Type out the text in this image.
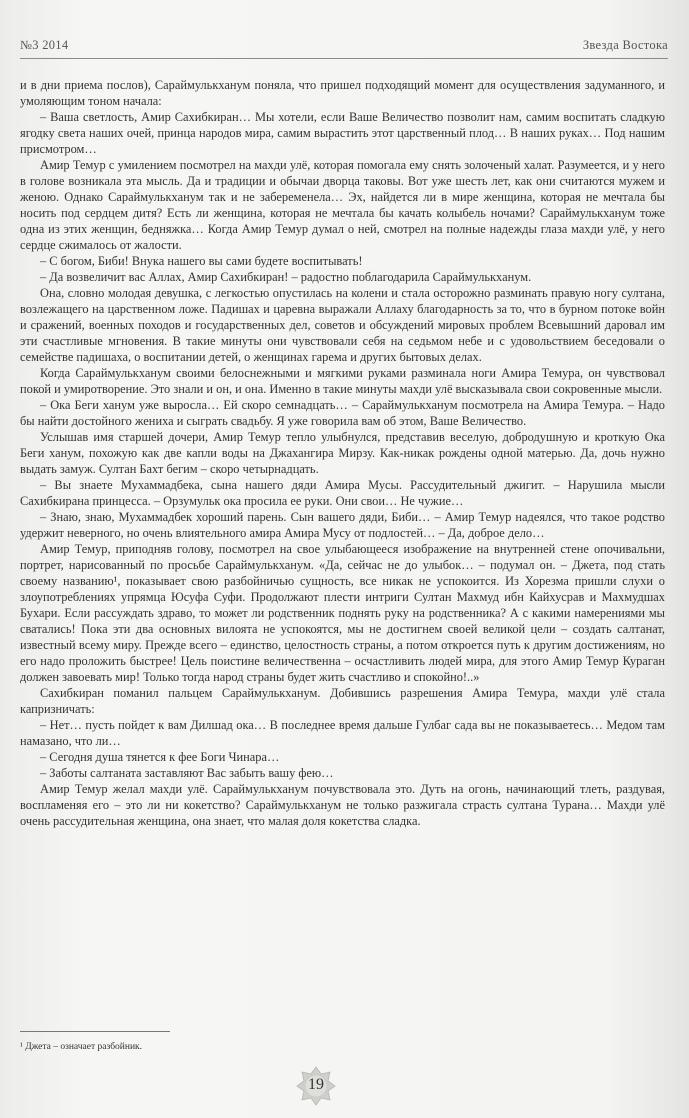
№3 2014	Звезда Востока

и в дни приема послов), Сараймулькханум поняла, что пришел подходящий момент для осуществления задуманного, и умоляющим тоном начала:

– Ваша светлость, Амир Сахибкиран… Мы хотели, если Ваше Величество позволит нам, самим воспитать сладкую ягодку света наших очей, принца народов мира, самим вырастить этот царственный плод… В наших руках… Под нашим присмотром…

Амир Темур с умилением посмотрел на махди улё, которая помогала ему снять золоченый халат. Разумеется, и у него в голове возникала эта мысль. Да и традиции и обычаи дворца таковы. Вот уже шесть лет, как они считаются мужем и женою. Однако Сараймулькханум так и не забеременела… Эх, найдется ли в мире женщина, которая не мечтала бы носить под сердцем дитя? Есть ли женщина, которая не мечтала бы качать колыбель ночами? Сараймулькханум тоже одна из этих женщин, бедняжка… Когда Амир Темур думал о ней, смотрел на полные надежды глаза махди улё, у него сердце сжималось от жалости.

– С богом, Биби! Внука нашего вы сами будете воспитывать!

– Да возвеличит вас Аллах, Амир Сахибкиран! – радостно поблагодарила Сараймулькханум.

Она, словно молодая девушка, с легкостью опустилась на колени и стала осторожно разминать правую ногу султана, возлежащего на царственном ложе. Падишах и царевна выражали Аллаху благодарность за то, что в бурном потоке войн и сражений, военных походов и государственных дел, советов и обсуждений мировых проблем Всевышний даровал им эти счастливые мгновения. В такие минуты они чувствовали себя на седьмом небе и с удовольствием беседовали о семействе падишаха, о воспитании детей, о женщинах гарема и других бытовых делах.

Когда Сараймулькханум своими белоснежными и мягкими руками разминала ноги Амира Темура, он чувствовал покой и умиротворение. Это знали и он, и она. Именно в такие минуты махди улё высказывала свои сокровенные мысли.

– Ока Беги ханум уже выросла… Ей скоро семнадцать… – Сараймулькханум посмотрела на Амира Темура. – Надо бы найти достойного жениха и сыграть свадьбу. Я уже говорила вам об этом, Ваше Величество.

Услышав имя старшей дочери, Амир Темур тепло улыбнулся, представив веселую, добродушную и кроткую Ока Беги ханум, похожую как две капли воды на Джахангира Мирзу. Как-никак рождены одной матерью. Да, дочь нужно выдать замуж. Султан Бахт бегим – скоро четырнадцать.

– Вы знаете Мухаммадбека, сына нашего дяди Амира Мусы. Рассудительный джигит. – Нарушила мысли Сахибкирана принцесса. – Орзумульк ока просила ее руки. Они свои… Не чужие…

– Знаю, знаю, Мухаммадбек хороший парень. Сын вашего дяди, Биби… – Амир Темур надеялся, что такое родство удержит неверного, но очень влиятельного амира Амира Мусу от подлостей… – Да, доброе дело…

Амир Темур, приподняв голову, посмотрел на свое улыбающееся изображение на внутренней стене опочивальни, портрет, нарисованный по просьбе Сараймулькханум. «Да, сейчас не до улыбок… – подумал он. – Джета, под стать своему названию¹, показывает свою разбойничью сущность, все никак не успокоится. Из Хорезма пришли слухи о злоупотреблениях упрямца Юсуфа Суфи. Продолжают плести интриги Султан Махмуд ибн Кайхусрав и Махмудшах Бухари. Если рассуждать здраво, то может ли родственник поднять руку на родственника? А с какими намерениями мы сватались! Пока эти два основных вилоята не успокоятся, мы не достигнем своей великой цели – создать салтанат, известный всему миру. Прежде всего – единство, целостность страны, а потом откроется путь к другим достижениям, но его надо проложить быстрее! Цель поистине величественна – осчастливить людей мира, для этого Амир Темур Кураган должен завоевать мир! Только тогда народ страны будет жить счастливо и спокойно!..»

Сахибкиран поманил пальцем Сараймулькханум. Добившись разрешения Амира Темура, махди улё стала капризничать:

– Нет… пусть пойдет к вам Дилшад ока… В последнее время дальше Гулбаг сада вы не показываетесь… Медом там намазано, что ли…

– Сегодня душа тянется к фее Боги Чинара…

– Заботы салтаната заставляют Вас забыть вашу фею…

Амир Темур желал махди улё. Сараймулькханум почувствовала это. Дуть на огонь, начинающий тлеть, раздувая, воспламеняя его – это ли ни кокетство? Сараймулькханум не только разжигала страсть султана Турана… Махди улё очень рассудительная женщина, она знает, что малая доля кокетства сладка.

¹ Джета – означает разбойник.
19
